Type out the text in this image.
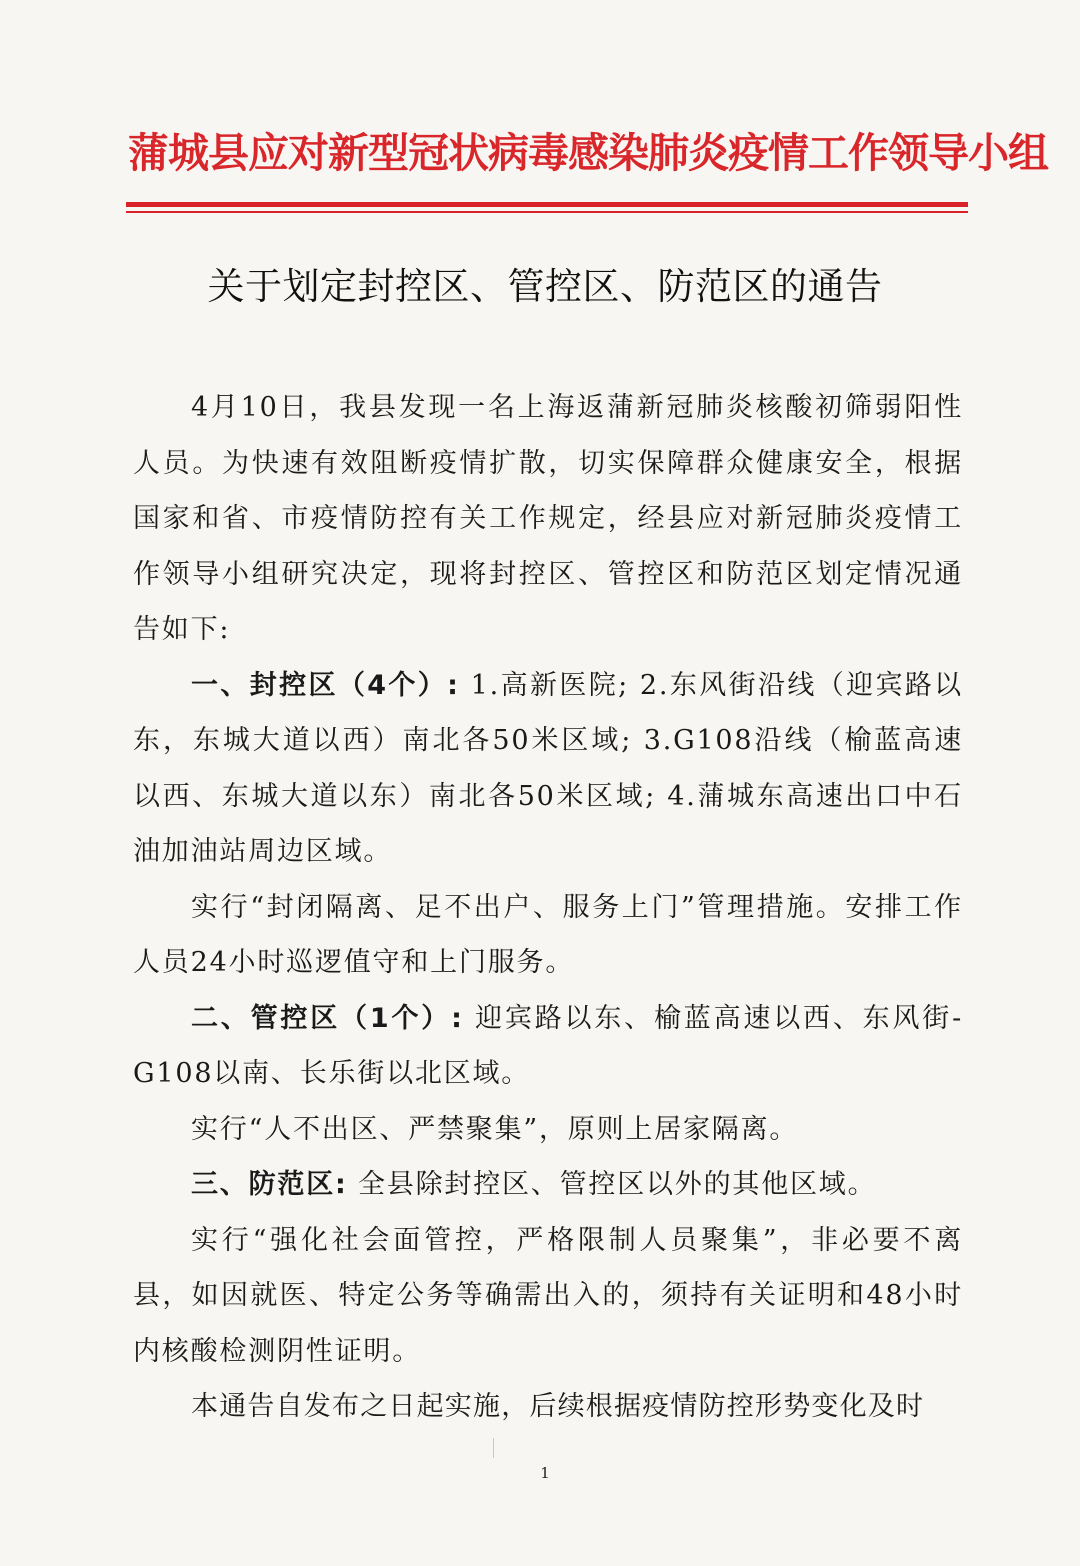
蒲城县应对新型冠状病毒感染肺炎疫情工作领导小组
关于划定封控区、管控区、防范区的通告

4月10日，我县发现一名上海返蒲新冠肺炎核酸初筛弱阳性人员。为快速有效阻断疫情扩散，切实保障群众健康安全，根据国家和省、市疫情防控有关工作规定，经县应对新冠肺炎疫情工作领导小组研究决定，现将封控区、管控区和防范区划定情况通告如下:

一、封控区（4个）: 1.高新医院; 2.东风街沿线（迎宾路以东，东城大道以西）南北各50米区域; 3.G108沿线（榆蓝高速以西、东城大道以东）南北各50米区域; 4.蒲城东高速出口中石油加油站周边区域。

实行“封闭隔离、足不出户、服务上门”管理措施。安排工作人员24小时巡逻值守和上门服务。

二、管控区（1个）: 迎宾路以东、榆蓝高速以西、东风街-G108以南、长乐街以北区域。

实行“人不出区、严禁聚集”，原则上居家隔离。

三、防范区: 全县除封控区、管控区以外的其他区域。

实行“强化社会面管控，严格限制人员聚集”，非必要不离县，如因就医、特定公务等确需出入的，须持有关证明和48小时内核酸检测阴性证明。

本通告自发布之日起实施，后续根据疫情防控形势变化及时

1
